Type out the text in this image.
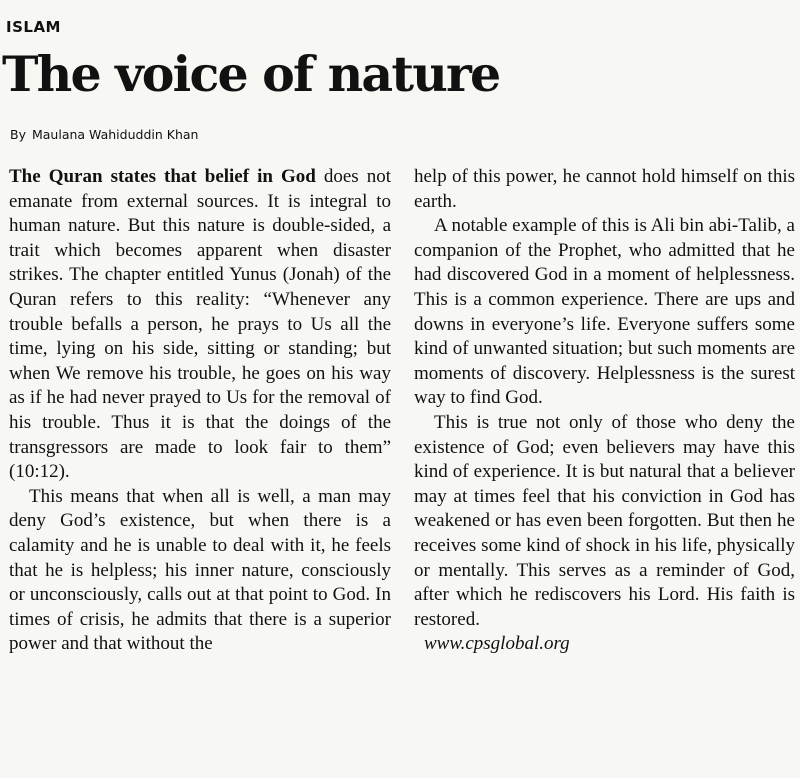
ISLAM
The voice of nature
By Maulana Wahiduddin Khan

The Quran states that belief in God does not emanate from external sources. It is integral to human nature. But this nature is double-sided, a trait which becomes apparent when disaster strikes. The chapter entitled Yunus (Jonah) of the Quran refers to this reality: “Whenever any trouble befalls a person, he prays to Us all the time, lying on his side, sitting or standing; but when We remove his trouble, he goes on his way as if he had never prayed to Us for the removal of his trouble. Thus it is that the doings of the transgressors are made to look fair to them” (10:12).

This means that when all is well, a man may deny God’s existence, but when there is a calamity and he is unable to deal with it, he feels that he is helpless; his inner nature, consciously or unconsciously, calls out at that point to God. In times of crisis, he admits that there is a superior power and that without the

help of this power, he cannot hold himself on this earth.

A notable example of this is Ali bin abi-Talib, a companion of the Prophet, who admitted that he had discovered God in a moment of helplessness. This is a common experience. There are ups and downs in everyone’s life. Everyone suffers some kind of unwanted situation; but such moments are moments of discovery. Helplessness is the surest way to find God.

This is true not only of those who deny the existence of God; even believers may have this kind of experience. It is but natural that a believer may at times feel that his conviction in God has weakened or has even been forgotten. But then he receives some kind of shock in his life, physically or mentally. This serves as a reminder of God, after which he rediscovers his Lord. His faith is restored.

www.cpsglobal.org
